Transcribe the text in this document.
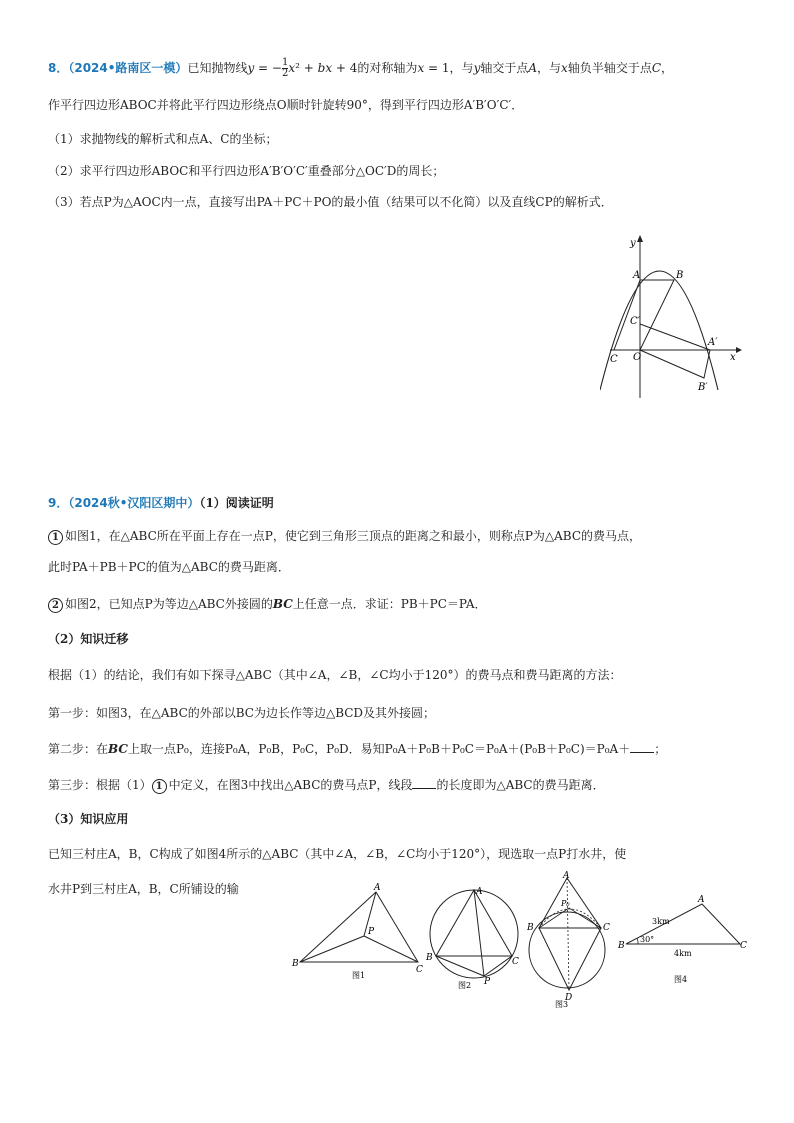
8．（2024•路南区一模）已知抛物线y = − $\frac{1}{2} x^2$ + bx + 4的对称轴为x = 1，与y轴交于点A，与x轴负半轴交于点C，
作平行四边形ABOC并将此平行四边形绕点O顺时针旋转90°，得到平行四边形A′B′O′C′．
（1）求抛物线的解析式和点A、C的坐标；
（2）求平行四边形ABOC和平行四边形A′B′O′C′重叠部分△OC′D的周长；
（3）若点P为△AOC内一点，直接写出PA＋PC＋PO的最小值（结果可以不化简）以及直线CP的解析式．
y
x
A	B
C′
C O
A′
B′
9．（2024秋•汉阳区期中）（1）阅读证明
1 如图1，在△ABC所在平面上存在一点P，使它到三角形三顶点的距离之和最小，则称点P为△ABC的费马点，
此时PA＋PB＋PC的值为△ABC的费马距离．
2 如图2，已知点P为等边△ABC外接圆的BC上任意一点．求证：PB＋PC＝PA．
（2）知识迁移
根据（1）的结论，我们有如下探寻△ABC（其中∠A，∠B，∠C均小于120°）的费马点和费马距离的方法：
第一步：如图3，在△ABC的外部以BC为边长作等边△BCD及其外接圆；
第二步：在BC上取一点P₀，连接P₀A，P₀B，P₀C，P₀D．易知P₀A＋P₀B＋P₀C＝P₀A＋(P₀B＋P₀C)＝P₀A＋ ；
第三步：根据（1） 1 中定义，在图3中找出△ABC的费马点P，线段 的长度即为△ABC的费马距离．
（3）知识应用
已知三村庄A，B，C构成了如图4所示的△ABC（其中∠A，∠B，∠C均小于120°），现选取一点P打水井，使
水井P到三村庄A，B，C所铺设的输	A
B
C
P
图1
A
B	C
P
图2
A
P₀
B	C
D
图3
A
B	C
3km
30°
4km
图4
